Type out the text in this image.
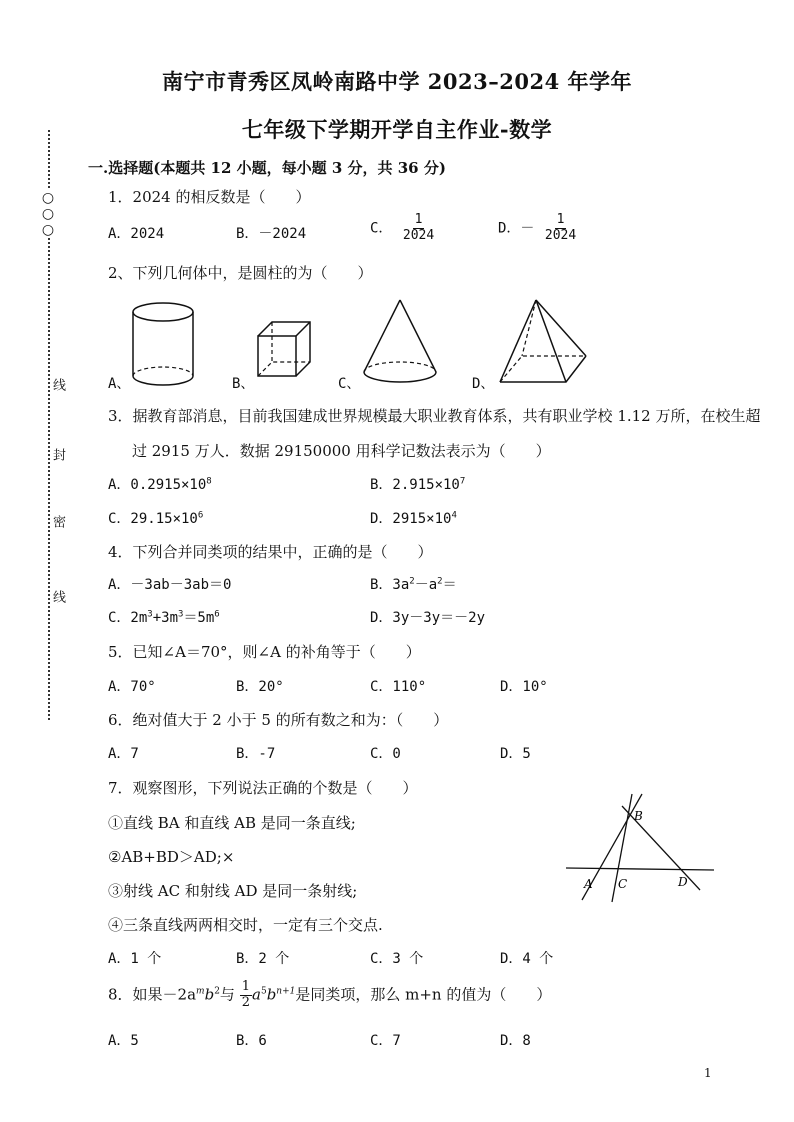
○○○
线
封
密
线
南宁市青秀区凤岭南路中学 2023–2024 年学年
七年级下学期开学自主作业-数学
一.选择题(本题共 12 小题，每小题 3 分，共 36 分)
1．2024 的相反数是（　　）
A．2024	B．－2024	C． $\frac{1}{2024}$	D．－ $\frac{1}{2024}$
2、下列几何体中，是圆柱的为（　　）
A、	B、	C、	D、
3．据教育部消息，目前我国建成世界规模最大职业教育体系，共有职业学校 1.12 万所，在校生超
过 2915 万人．数据 29150000 用科学记数法表示为（　　）
A．$0.2915\times 10^8$	B．$2.915\times 10^7$
C．$29.15\times 10^6$	D．$2915\times 10^4$
4．下列合并同类项的结果中，正确的是（　　）
A．－3ab－3ab＝0	B．$3a^2-a^2=$
C．$2m^3+3m^3=5m^6$	D．3y－3y＝－2y
5．已知∠A＝70°，则∠A 的补角等于（　　）
A．70°	B．20°	C．110°	D．10°
6．绝对值大于 2 小于 5 的所有数之和为：（　　）
A．7	B．-7	C．0	D．5
7．观察图形，下列说法正确的个数是（　　）
①直线 BA 和直线 AB 是同一条直线;
②AB+BD＞AD;×
③射线 AC 和射线 AD 是同一条射线;
④三条直线两两相交时，一定有三个交点.
A C
B
D
A．1 个	B．2 个	C．3 个	D．4 个
8．如果$-2a^mb^2$与 $\frac{1}{2} a^5b^{n+1}$是同类项，那么 m+n 的值为（　　）
A．5	B．6	C．7	D．8
1
